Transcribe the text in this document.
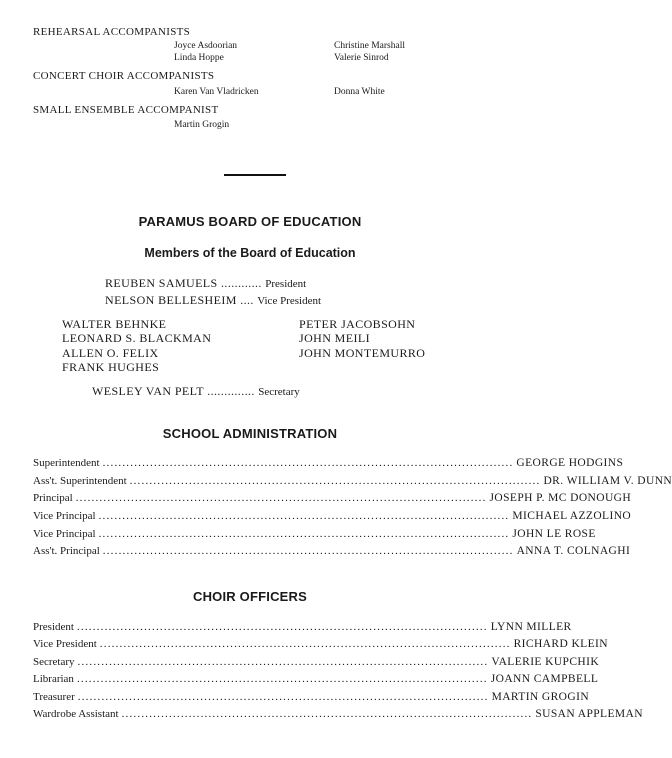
REHEARSAL ACCOMPANISTS
Joyce Asdoorian	Christine Marshall
Linda Hoppe	Valerie Sinrod
CONCERT CHOIR ACCOMPANISTS
Karen Van Vladricken	Donna White
SMALL ENSEMBLE ACCOMPANIST
Martin Grogin
PARAMUS BOARD OF EDUCATION
Members of the Board of Education
REUBEN SAMUELS ............ President
NELSON BELLESHEIM .... Vice President
WALTER BEHNKE
LEONARD S. BLACKMAN
ALLEN O. FELIX
FRANK HUGHES
PETER JACOBSOHN
JOHN MEILI
JOHN MONTEMURRO
WESLEY VAN PELT .............. Secretary
SCHOOL ADMINISTRATION
Superintendent ........................................................................................................ GEORGE HODGINS
Ass't. Superintendent ........................................................................................................ DR. WILLIAM V. DUNN
Principal ........................................................................................................ JOSEPH P. MC DONOUGH
Vice Principal ........................................................................................................ MICHAEL AZZOLINO
Vice Principal ........................................................................................................ JOHN LE ROSE
Ass't. Principal ........................................................................................................ ANNA T. COLNAGHI
CHOIR OFFICERS
President ........................................................................................................ LYNN MILLER
Vice President ........................................................................................................ RICHARD KLEIN
Secretary ........................................................................................................ VALERIE KUPCHIK
Librarian ........................................................................................................ JOANN CAMPBELL
Treasurer ........................................................................................................ MARTIN GROGIN
Wardrobe Assistant ........................................................................................................ SUSAN APPLEMAN
